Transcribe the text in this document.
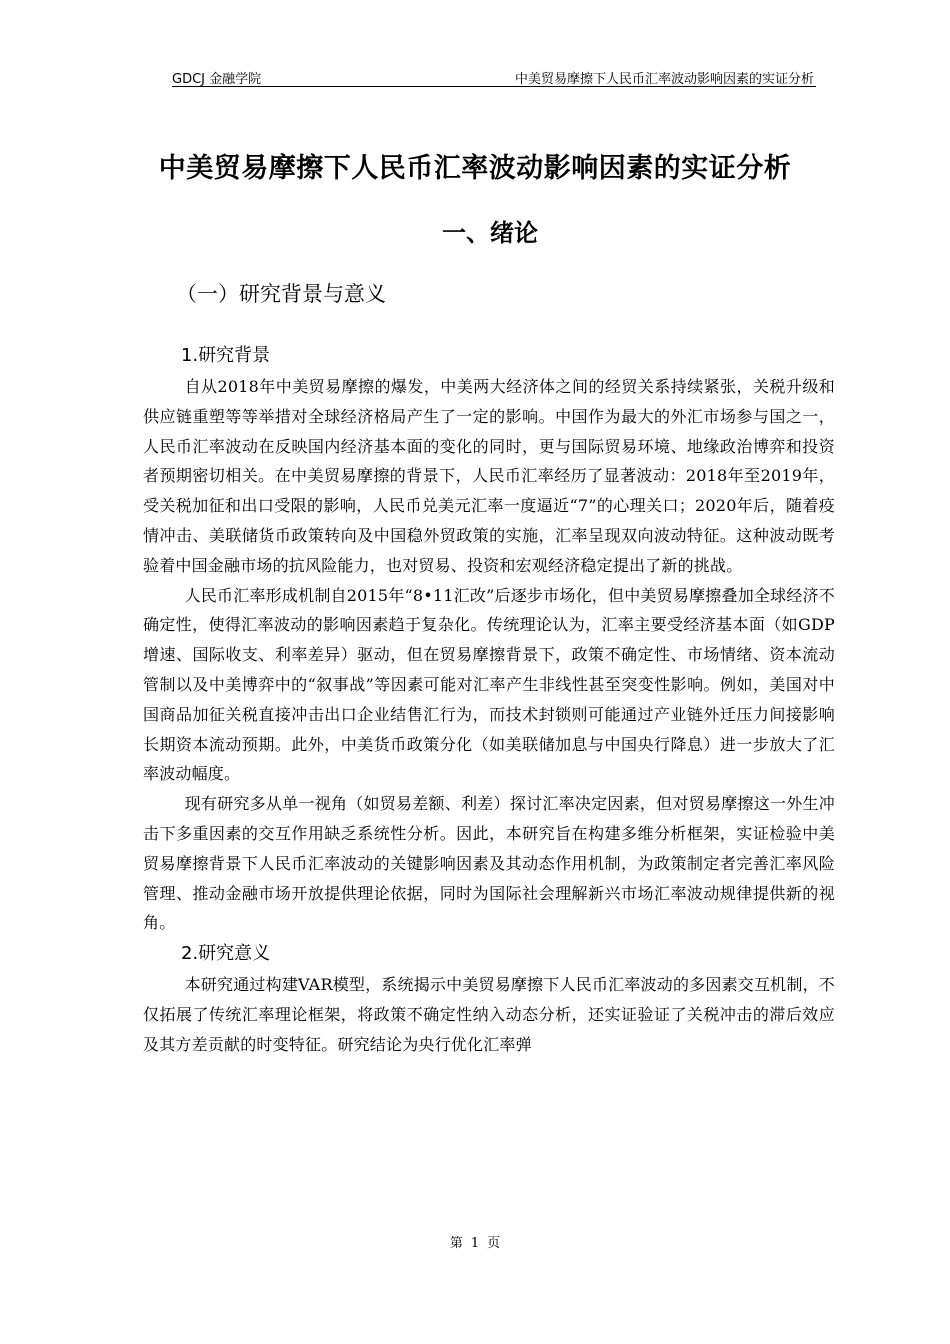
GDCJ 金融学院	中美贸易摩擦下人民币汇率波动影响因素的实证分析
中美贸易摩擦下人民币汇率波动影响因素的实证分析
一、绪论
（一）研究背景与意义
1.研究背景

自从2018年中美贸易摩擦的爆发，中美两大经济体之间的经贸关系持续紧张，关税升级和供应链重塑等等举措对全球经济格局产生了一定的影响。中国作为最大的外汇市场参与国之一，人民币汇率波动在反映国内经济基本面的变化的同时，更与国际贸易环境、地缘政治博弈和投资者预期密切相关。在中美贸易摩擦的背景下，人民币汇率经历了显著波动：2018年至2019年，受关税加征和出口受限的影响，人民币兑美元汇率一度逼近“7”的心理关口；2020年后，随着疫情冲击、美联储货币政策转向及中国稳外贸政策的实施，汇率呈现双向波动特征。这种波动既考验着中国金融市场的抗风险能力，也对贸易、投资和宏观经济稳定提出了新的挑战。

人民币汇率形成机制自2015年“8•11汇改”后逐步市场化，但中美贸易摩擦叠加全球经济不确定性，使得汇率波动的影响因素趋于复杂化。传统理论认为，汇率主要受经济基本面（如GDP增速、国际收支、利率差异）驱动，但在贸易摩擦背景下，政策不确定性、市场情绪、资本流动管制以及中美博弈中的“叙事战”等因素可能对汇率产生非线性甚至突变性影响。例如，美国对中国商品加征关税直接冲击出口企业结售汇行为，而技术封锁则可能通过产业链外迁压力间接影响长期资本流动预期。此外，中美货币政策分化（如美联储加息与中国央行降息）进一步放大了汇率波动幅度。

现有研究多从单一视角（如贸易差额、利差）探讨汇率决定因素，但对贸易摩擦这一外生冲击下多重因素的交互作用缺乏系统性分析。因此，本研究旨在构建多维分析框架，实证检验中美贸易摩擦背景下人民币汇率波动的关键影响因素及其动态作用机制，为政策制定者完善汇率风险管理、推动金融市场开放提供理论依据，同时为国际社会理解新兴市场汇率波动规律提供新的视角。

2.研究意义

本研究通过构建VAR模型，系统揭示中美贸易摩擦下人民币汇率波动的多因素交互机制，不仅拓展了传统汇率理论框架，将政策不确定性纳入动态分析，还实证验证了关税冲击的滞后效应及其方差贡献的时变特征。研究结论为央行优化汇率弹

第 1 页
